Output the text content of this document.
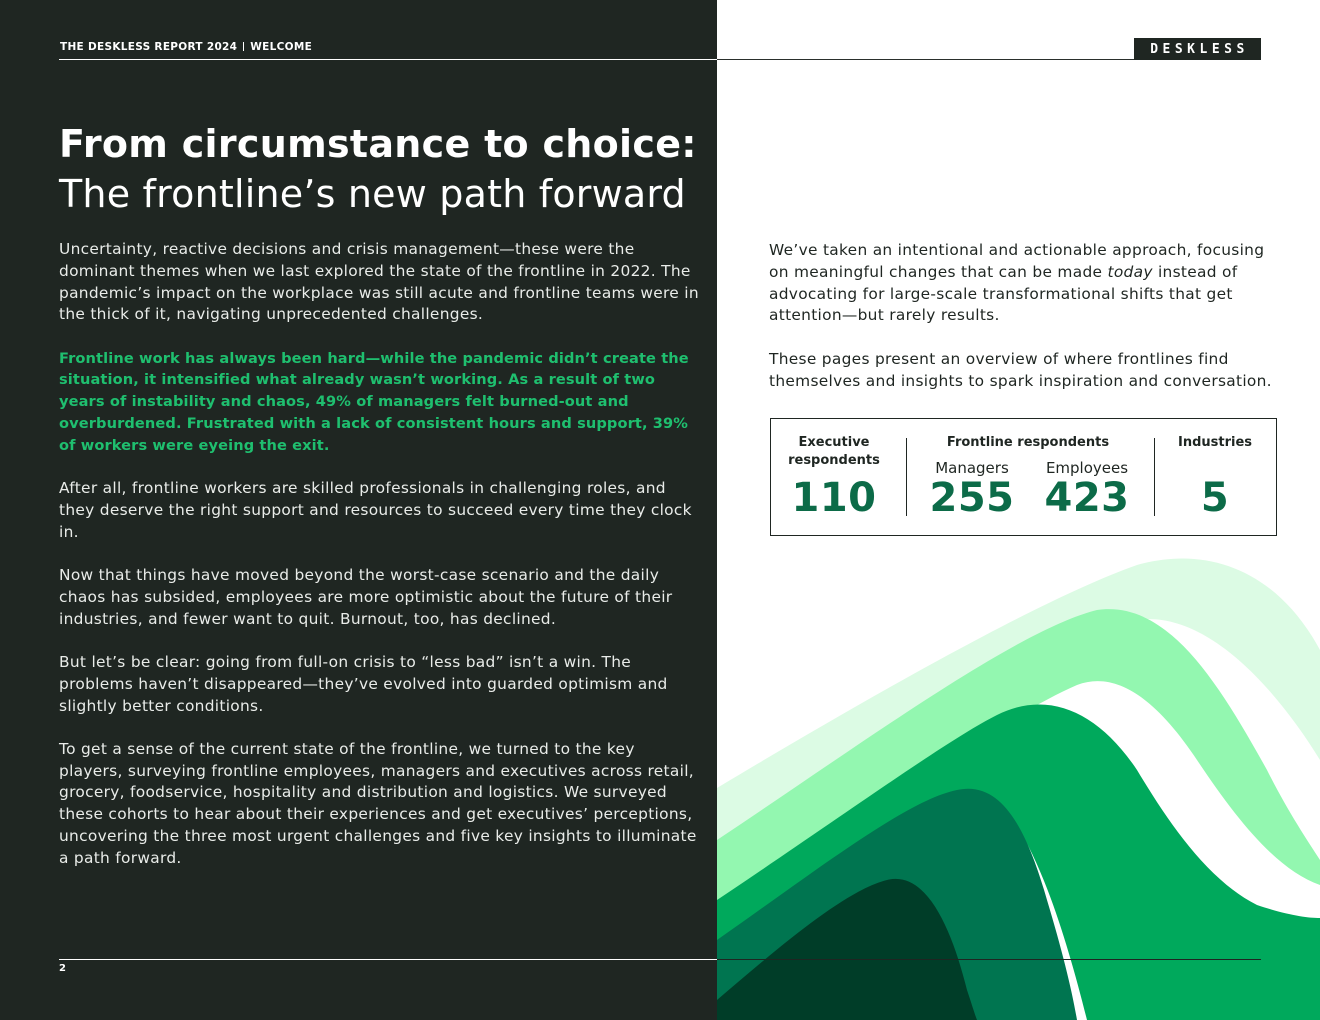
THE DESKLESS REPORT 2024 WELCOME	DESKLESS
From circumstance to choice:
The frontline’s new path forward

Uncertainty, reactive decisions and crisis management—these were the dominant themes when we last explored the state of the frontline in 2022. The pandemic’s impact on the workplace was still acute and frontline teams were in the thick of it, navigating unprecedented challenges.

Frontline work has always been hard—while the pandemic didn’t create the situation, it intensified what already wasn’t working. As a result of two years of instability and chaos, 49% of managers felt burned-out and overburdened. Frustrated with a lack of consistent hours and support, 39% of workers were eyeing the exit.

After all, frontline workers are skilled professionals in challenging roles, and they deserve the right support and resources to succeed every time they clock in.

Now that things have moved beyond the worst-case scenario and the daily chaos has subsided, employees are more optimistic about the future of their industries, and fewer want to quit. Burnout, too, has declined.

But let’s be clear: going from full-on crisis to “less bad” isn’t a win. The problems haven’t disappeared—they’ve evolved into guarded optimism and slightly better conditions.

To get a sense of the current state of the frontline, we turned to the key players, surveying frontline employees, managers and executives across retail, grocery, foodservice, hospitality and distribution and logistics. We surveyed these cohorts to hear about their experiences and get executives’ perceptions, uncovering the three most urgent challenges and five key insights to illuminate a path forward.

We’ve taken an intentional and actionable approach, focusing on meaningful changes that can be made today instead of advocating for large-scale transformational shifts that get attention—but rarely results.

These pages present an overview of where frontlines find themselves and insights to spark inspiration and conversation.

Executive respondents
110
Frontline respondents
Managers
255
Employees
423
Industries
5
2
